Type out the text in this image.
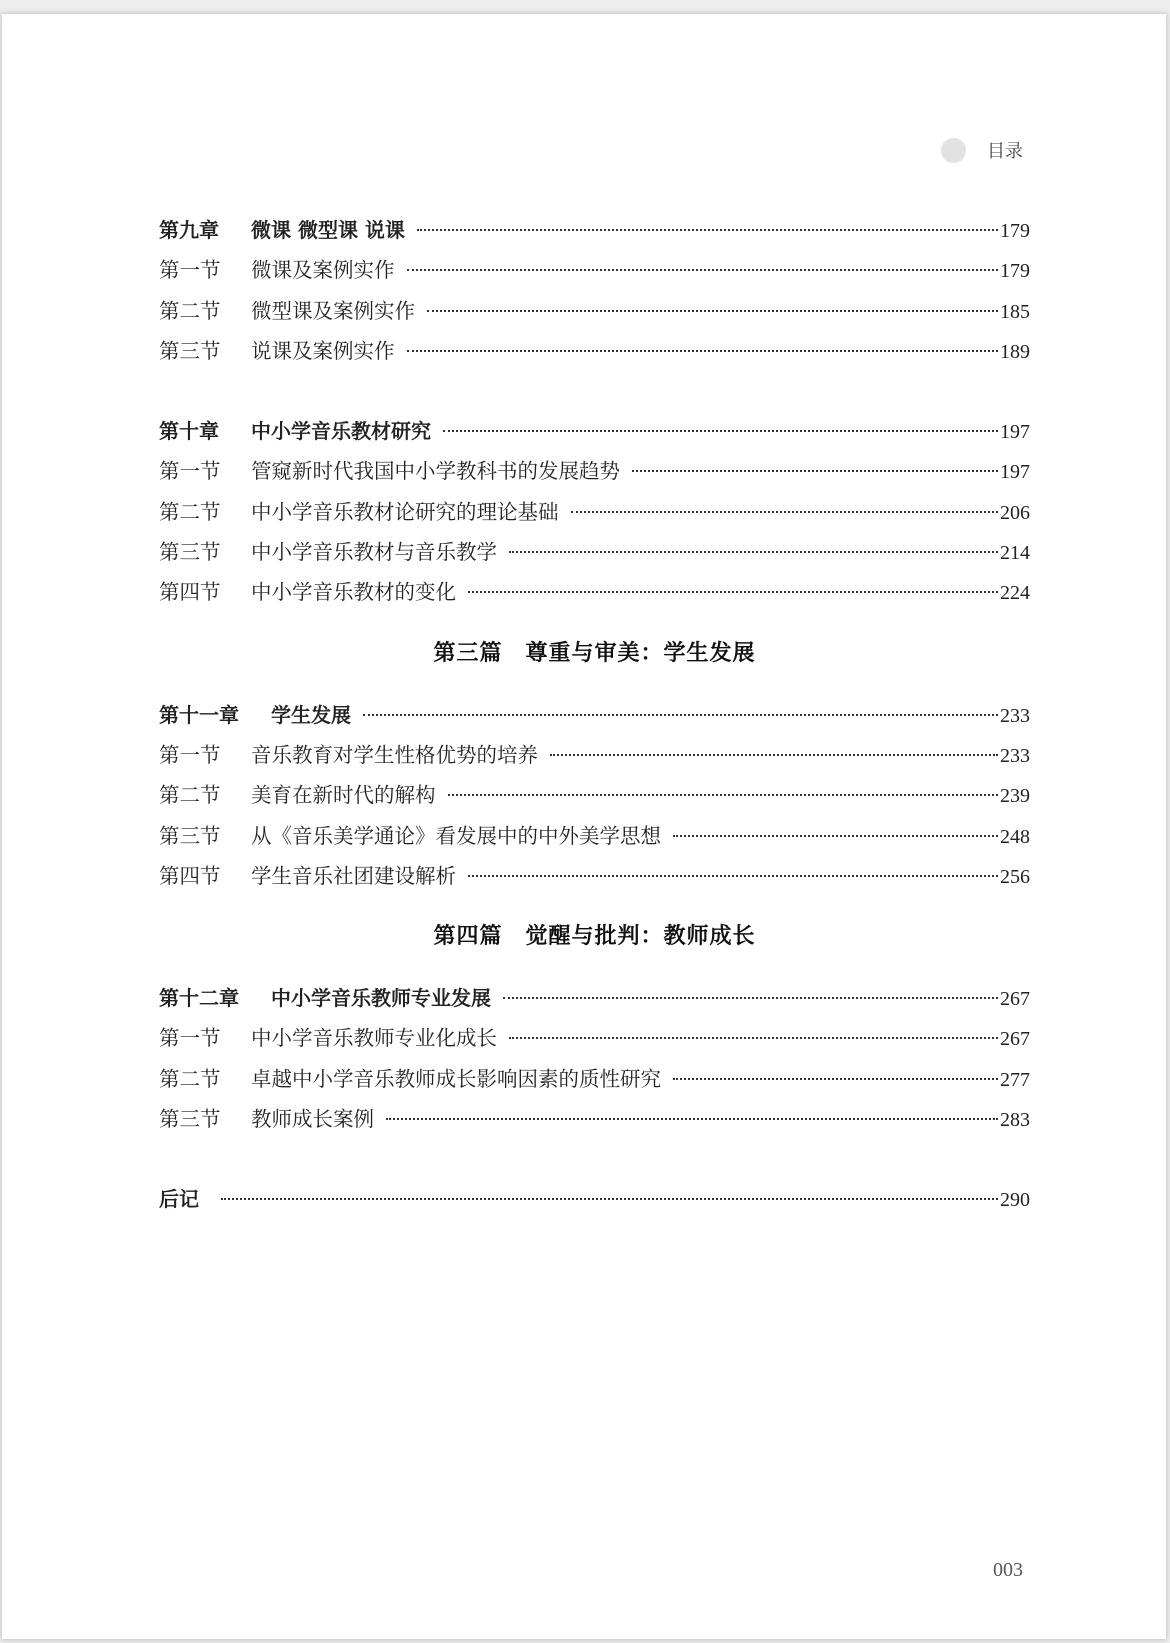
目录
第九章 微课 微型课 说课	179
第一节 微课及案例实作	179
第二节 微型课及案例实作	185
第三节 说课及案例实作	189
第十章 中小学音乐教材研究	197
第一节 管窥新时代我国中小学教科书的发展趋势	197
第二节 中小学音乐教材论研究的理论基础	206
第三节 中小学音乐教材与音乐教学	214
第四节 中小学音乐教材的变化	224
第三篇　尊重与审美：学生发展
第十一章 学生发展	233
第一节 音乐教育对学生性格优势的培养	233
第二节 美育在新时代的解构	239
第三节 从《音乐美学通论》看发展中的中外美学思想	248
第四节 学生音乐社团建设解析	256
第四篇　觉醒与批判：教师成长
第十二章 中小学音乐教师专业发展	267
第一节 中小学音乐教师专业化成长	267
第二节 卓越中小学音乐教师成长影响因素的质性研究	277
第三节 教师成长案例	283
后记	290
003
